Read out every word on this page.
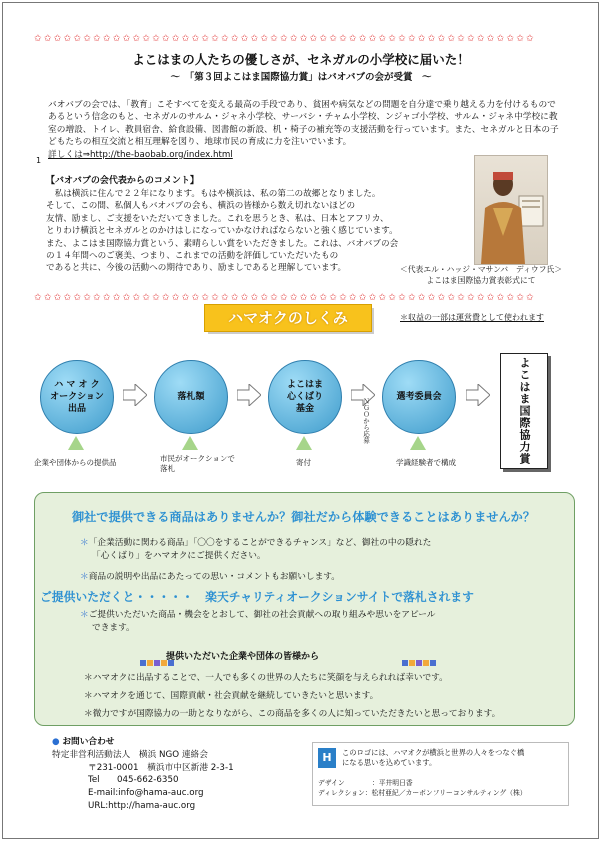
✩✩✩✩✩✩✩✩✩✩✩✩✩✩✩✩✩✩✩✩✩✩✩✩✩✩✩✩✩✩✩✩✩✩✩✩✩✩✩✩✩✩✩✩✩✩✩✩✩✩✩
よこはまの人たちの優しさが、セネガルの小学校に届いた！
～　「第３回よこはま国際協力賞」はバオバブの会が受賞　～
バオバブの会では、「教育」こそすべてを変える最高の手段であり、貧困や病気などの問題を自分達で乗り越える力を付けるものであるという信念のもと、セネガルのサルム・ジャネ小学校、サーバシ・チャム小学校、ンジャゴ小学校、サルム・ジャネ中学校に教室の増設、トイレ、教員宿舎、給食設備、図書館の新設、机・椅子の補充等の支援活動を行っています。また、セネガルと日本の子どもたちの相互交流と相互理解を図り、地球市民の育成に力を注いでいます。
詳しくは⇒http://the-baobab.org/index.html
1
【バオバブの会代表からのコメント】
　私は横浜に住んで２２年になります。もはや横浜は、私の第二の故郷となりました。
そして、この間、私個人もバオバブの会も、横浜の皆様から数え切れないほどの
友情、励まし、ご支援をいただいてきました。これを思うとき、私は、日本とアフリカ、
とりわけ横浜とセネガルとのかけはしになっていかなければならないと強く感じています。
また、よこはま国際協力賞という、素晴らしい賞をいただきました。これは、バオバブの会
の１４年間へのご褒美、つまり、これまでの活動を評価していただいたもの
であると共に、今後の活動への期待であり、励ましであると理解しています。	＜代表エル・ハッジ・マサンバ　ディウフ氏＞
よこはま国際協力賞表彰式にて
✩✩✩✩✩✩✩✩✩✩✩✩✩✩✩✩✩✩✩✩✩✩✩✩✩✩✩✩✩✩✩✩✩✩✩✩✩✩✩✩✩✩✩✩✩✩✩✩✩✩✩
ハマオクのしくみ	＊収益の一部は運営費として使われます
ハ マ オ ク
オークション
出品
落札額
よこはま
心くばり
基金
選考委員会
ＮＧＯから応募	よこはま国際協力賞
企業や団体からの提供品	市民がオークションで
落札
寄付	学識経験者で構成
御社で提供できる商品はありませんか？御社だから体験できることはありませんか？
＊「企業活動に関わる商品」「〇〇をすることができるチャンス」など、御社の中の隠れた
「心くばり」をハマオクにご提供ください。
＊商品の説明や出品にあたっての思い・コメントもお願いします。
ご提供いただくと・・・・・　楽天チャリティオークションサイトで落札されます
＊ご提供いただいた商品・機会をとおして、御社の社会貢献への取り組みや思いをアピール
できます。
提供いただいた企業や団体の皆様から
＊ハマオクに出品することで、一人でも多くの世界の人たちに笑顔を与えられれば幸いです。
＊ハマオクを通じて、国際貢献・社会貢献を継続していきたいと思います。
＊微力ですが国際協力の一助となりながら、この商品を多くの人に知っていただきたいと思っております。
● お問い合わせ
特定非営利活動法人　横浜 NGO 連絡会
〒231-0001　横浜市中区新港 2-3-1
Tel　　045-662-6350
E-mail:info@hama-auc.org
URL:http://hama-auc.org
H	このロゴには、ハマオクが横浜と世界の人々をつなぐ橋
になる思いを込めています。
デザイン　　　　：平井明日香
ディレクション：松村亜紀／カーボンフリーコンサルティング（株）
